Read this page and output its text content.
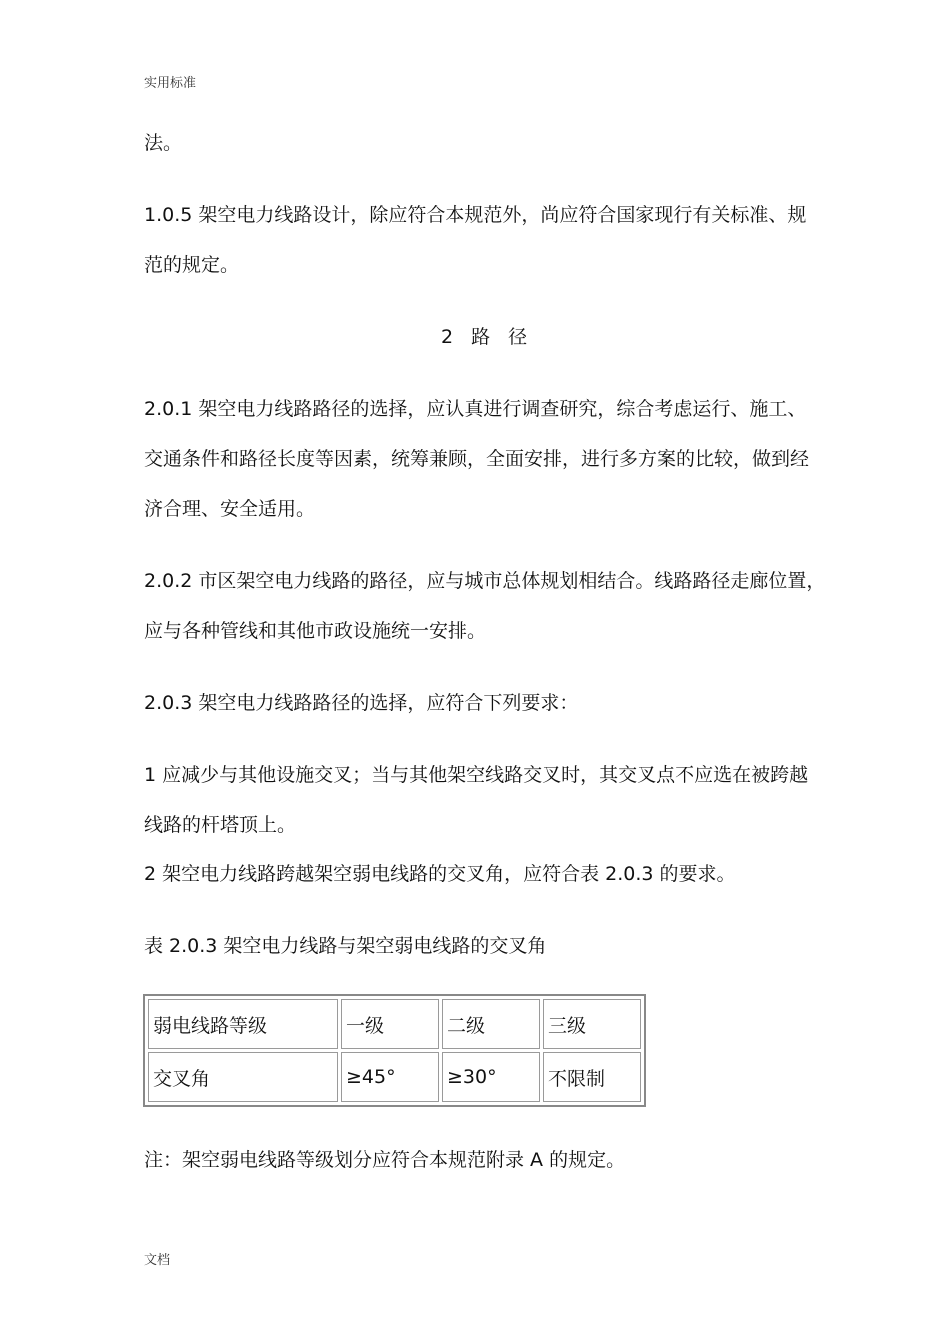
实用标准
法。
1.0.5 架空电力线路设计，除应符合本规范外，尚应符合国家现行有关标准、规
范的规定。
2 路 径
2.0.1 架空电力线路路径的选择，应认真进行调查研究，综合考虑运行、施工、
交通条件和路径长度等因素，统筹兼顾，全面安排，进行多方案的比较，做到经
济合理、安全适用。
2.0.2 市区架空电力线路的路径，应与城市总体规划相结合。线路路径走廊位置，
应与各种管线和其他市政设施统一安排。
2.0.3 架空电力线路路径的选择，应符合下列要求：
1 应减少与其他设施交叉；当与其他架空线路交叉时，其交叉点不应选在被跨越
线路的杆塔顶上。
2 架空电力线路跨越架空弱电线路的交叉角，应符合表 2.0.3 的要求。
表 2.0.3 架空电力线路与架空弱电线路的交叉角
弱电线路等级	一级	二级	三级
交叉角	≥45°	≥30°	不限制
注：架空弱电线路等级划分应符合本规范附录 A 的规定。
文档
